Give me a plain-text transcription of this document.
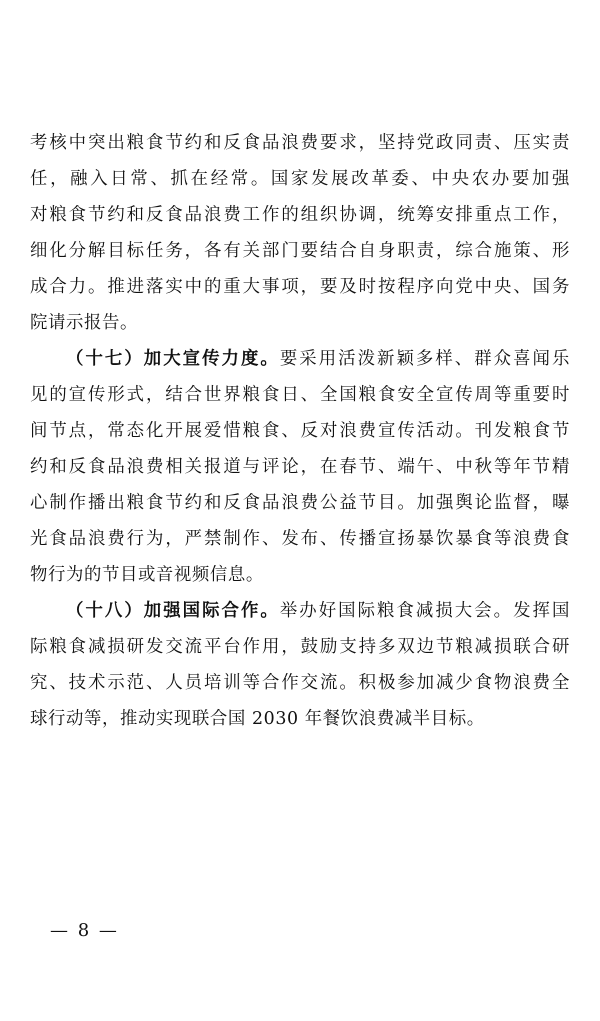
考核中突出粮食节约和反食品浪费要求，坚持党政同责、压实责
任，融入日常、抓在经常。国家发展改革委、中央农办要加强
对粮食节约和反食品浪费工作的组织协调，统筹安排重点工作，
细化分解目标任务，各有关部门要结合自身职责，综合施策、形
成合力。推进落实中的重大事项，要及时按程序向党中央、国务
院请示报告。
（十七）加大宣传力度。要采用活泼新颖多样、群众喜闻乐
见的宣传形式，结合世界粮食日、全国粮食安全宣传周等重要时
间节点，常态化开展爱惜粮食、反对浪费宣传活动。刊发粮食节
约和反食品浪费相关报道与评论，在春节、端午、中秋等年节精
心制作播出粮食节约和反食品浪费公益节目。加强舆论监督，曝
光食品浪费行为，严禁制作、发布、传播宣扬暴饮暴食等浪费食
物行为的节目或音视频信息。
（十八）加强国际合作。举办好国际粮食减损大会。发挥国
际粮食减损研发交流平台作用，鼓励支持多双边节粮减损联合研
究、技术示范、人员培训等合作交流。积极参加减少食物浪费全
球行动等，推动实现联合国 2030 年餐饮浪费减半目标。
— 8 —
